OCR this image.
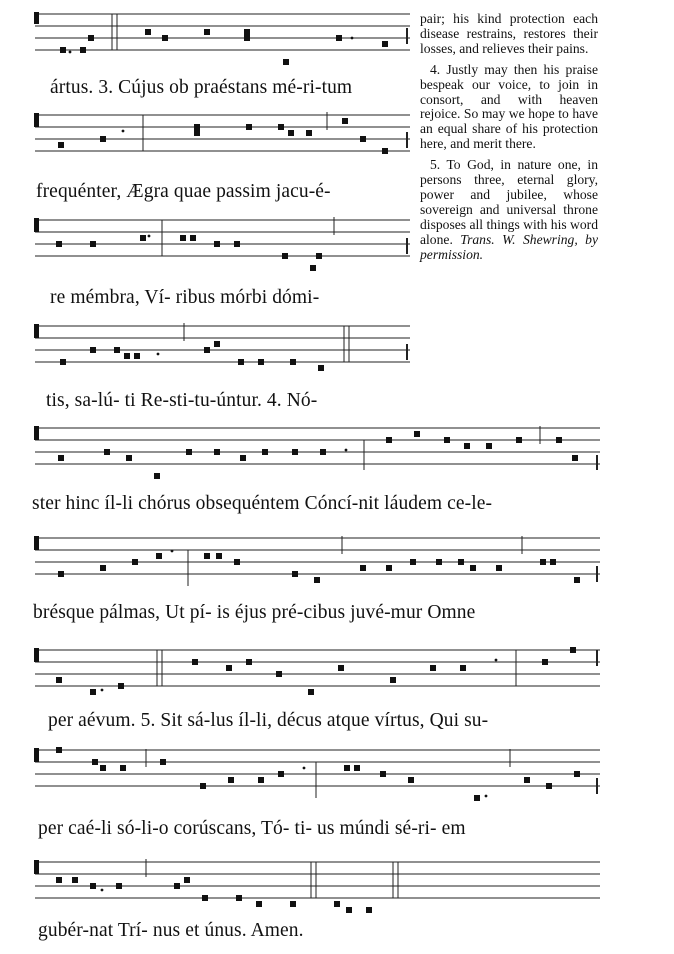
ártus. 3. Cújus ob praéstans mé-ri-tum
frequénter, Ægra quae passim jacu-é-
re mémbra, Ví- ribus mórbi dómi-
tis, sa-lú- ti Re-sti-tu-úntur. 4. Nó-
ster hinc íl-li chórus obsequéntem Cóncí-nit láudem ce-le-
brésque pálmas, Ut pí- is éjus pré-cibus juvé-mur Omne
per aévum. 5. Sit sá-lus íl-li, décus atque vírtus, Qui su-
per caé-li só-li-o corúscans, Tó- ti- us múndi sé-ri- em
gubér-nat Trí- nus et únus. Amen.

pair; his kind protection each disease restrains, restores their losses, and relieves their pains.

4. Justly may then his praise bespeak our voice, to join in consort, and with heaven rejoice. So may we hope to have an equal share of his protection here, and merit there.

5. To God, in nature one, in persons three, eternal glory, power and jubilee, whose sovereign and universal throne disposes all things with his word alone. Trans. W. Shewring, by permission.
